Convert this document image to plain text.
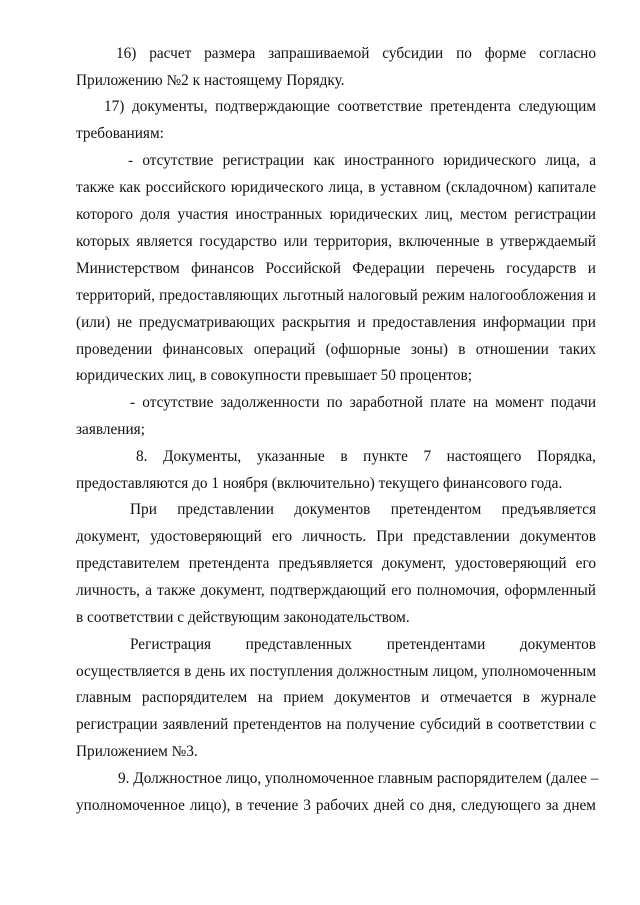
16) расчет размера запрашиваемой субсидии по форме согласно
Приложению №2 к настоящему Порядку.
17) документы, подтверждающие соответствие претендента следующим
требованиям:
- отсутствие регистрации как иностранного юридического лица, а
также как российского юридического лица, в уставном (складочном) капитале
которого доля участия иностранных юридических лиц, местом регистрации
которых является государство или территория, включенные в утверждаемый
Министерством финансов Российской Федерации перечень государств и
территорий, предоставляющих льготный налоговый режим налогообложения и
(или) не предусматривающих раскрытия и предоставления информации при
проведении финансовых операций (офшорные зоны) в отношении таких
юридических лиц, в совокупности превышает 50 процентов;
- отсутствие задолженности по заработной плате на момент подачи
заявления;
8. Документы, указанные в пункте 7 настоящего Порядка,
предоставляются до 1 ноября (включительно) текущего финансового года.
При представлении документов претендентом предъявляется
документ, удостоверяющий его личность. При представлении документов
представителем претендента предъявляется документ, удостоверяющий его
личность, а также документ, подтверждающий его полномочия, оформленный
в соответствии с действующим законодательством.
Регистрация представленных претендентами документов
осуществляется в день их поступления должностным лицом, уполномоченным
главным распорядителем на прием документов и отмечается в журнале
регистрации заявлений претендентов на получение субсидий в соответствии с
Приложением №3.
9. Должностное лицо, уполномоченное главным распорядителем (далее –
уполномоченное лицо), в течение 3 рабочих дней со дня, следующего за днем
